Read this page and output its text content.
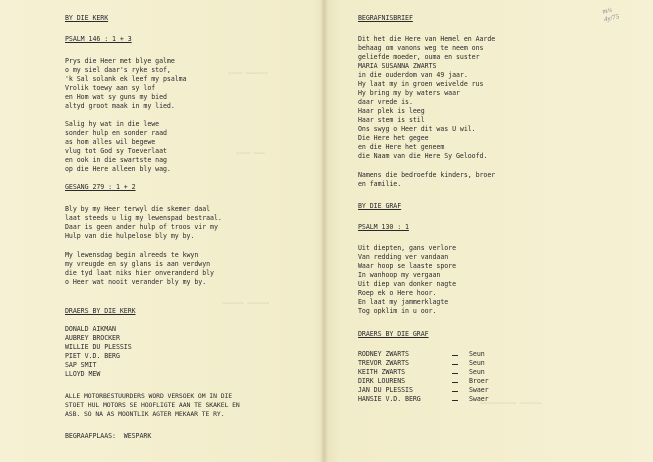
~~~~ ~~~~~~
~~~~ ~~~
~~~~~~ ~~~~~~
~~~~~~~~~~ ~~~~~~
m/s
4y/75
BY DIE KERK
PSALM 146 : 1 + 3
Prys die Heer met blye galme
o my siel daar's ryke stof,
'k Sal solank ek leef my psalma
Vrolik toewy aan sy lof
en Hom wat sy guns my bied
altyd groot maak in my lied.
Salig hy wat in die lewe
sonder hulp en sonder raad
as hom alles wil begewe
vlug tot God sy Toeverlaat
en ook in die swartste nag
op die Here alleen bly wag.
GESANG 279 : 1 + 2
Bly by my Heer terwyl die skemer daal
laat steeds u lig my lewenspad bestraal.
Daar is geen ander hulp of troos vir my
Hulp van die hulpelose bly my by.
My lewensdag begin alreeds te kwyn
my vreugde en sy glans is aan verdwyn
die tyd laat niks hier onveranderd bly
o Heer wat nooit verander bly my by.
DRAERS BY DIE KERK
DONALD AIKMAN
AUBREY BROCKER
WILLIE DU PLESSIS
PIET V.D. BERG
SAP SMIT
LLOYD MEW
ALLE MOTORBESTUURDERS WORD VERSOEK OM IN DIE
STOET HUL MOTORS SE HOOFLIGTE AAN TE SKAKEL EN
ASB. SO NA AS MOONTLIK AGTER MEKAAR TE RY.
BEGRAAFPLAAS:  WESPARK
BEGRAFNISBRIEF
Dit het die Here van Hemel en Aarde
behaag om vanons weg te neem ons
geliefde moeder, ouma en suster
MARIA SUSANNA ZWARTS
in die ouderdom van 49 jaar.
Hy laat my in groen weivelde rus
Hy bring my by waters waar
daar vrede is.
Haar plek is leeg
Haar stem is stil
Ons swyg o Heer dit was U wil.
Die Here het gegee
en die Here het geneem
die Naam van die Here Sy Geloofd.
Namens die bedroefde kinders, broer
en familie.
BY DIE GRAF
PSALM 130 : 1
Uit diepten, gans verlore
Van redding ver vandaan
Waar hoop se laaste spore
In wanhoop my vergaan
Uit diep van donker nagte
Roep ek o Here hoor.
En laat my jammerklagte
Tog opklim in u oor.
DRAERS BY DIE GRAF
RODNEY ZWARTS	Seun
TREVOR ZWARTS	Seun
KEITH ZWARTS	Seun
DIRK LOURENS	Broer
JAN DU PLESSIS	Swaer
HANSIE V.D. BERG	Swaer
